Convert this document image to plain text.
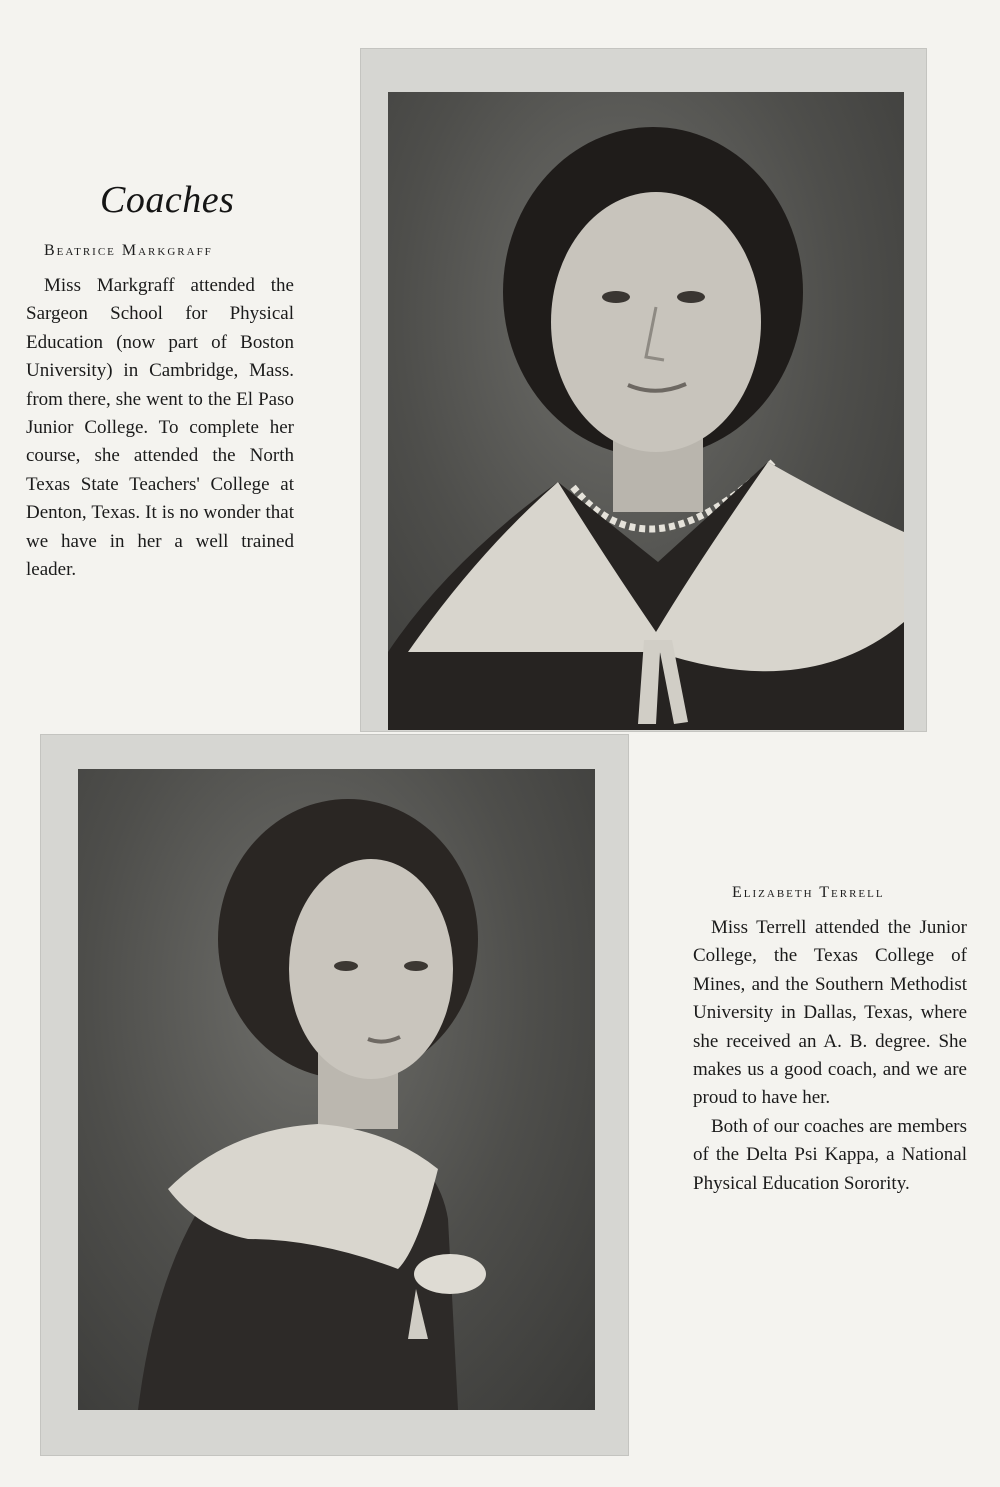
Coaches
Beatrice Markgraff

Miss Markgraff attended the Sargeon School for Physical Education (now part of Boston University) in Cambridge, Mass. from there, she went to the El Paso Junior College. To complete her course, she attended the North Texas State Teachers' College at Denton, Texas. It is no wonder that we have in her a well trained leader.

Elizabeth Terrell

Miss Terrell attended the Junior College, the Texas College of Mines, and the Southern Methodist University in Dallas, Texas, where she received an A. B. degree. She makes us a good coach, and we are proud to have her.

Both of our coaches are members of the Delta Psi Kappa, a National Physical Education Sorority.
